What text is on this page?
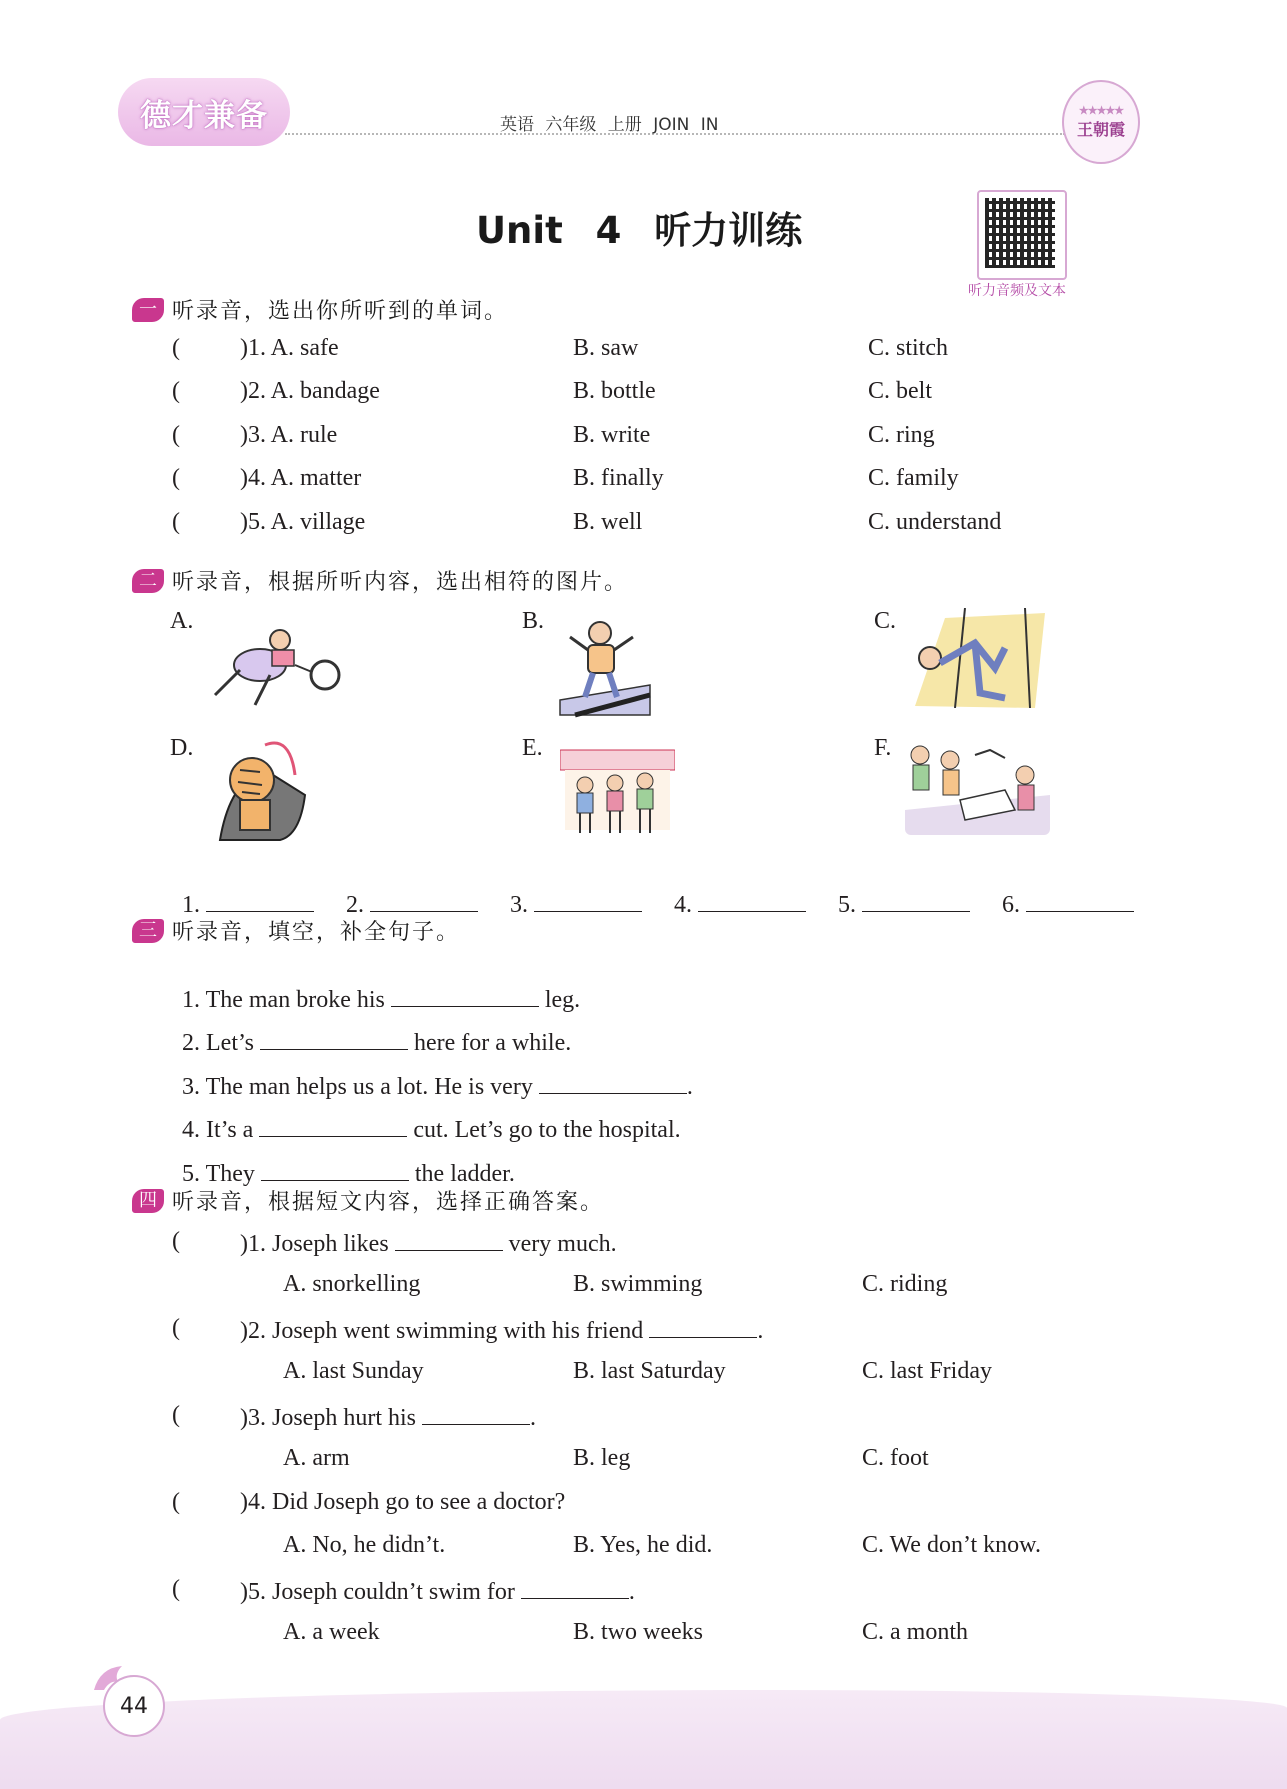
德才兼备	英语 六年级 上册 JOIN IN
★★★★★
王朝霞
Unit 4 听力训练
听力音频及文本
一 听录音，选出你所听到的单词。
(	)1. A. safe	B. saw	C. stitch
(	)2. A. bandage	B. bottle	C. belt
(	)3. A. rule	B. write	C. ring
(	)4. A. matter	B. finally	C. family
(	)5. A. village	B. well	C. understand
二 听录音，根据所听内容，选出相符的图片。
A.	B.	C.
D.	E.	F.

1.	2.	3.	4.	5.	6.

三 听录音，填空，补全句子。

1. The man broke his	leg.

2. Let’s	here for a while.

3. The man helps us a lot. He is very	.

4. It’s a	cut. Let’s go to the hospital.

5. They	the ladder.

四 听录音，根据短文内容，选择正确答案。
(	)1. Joseph likes	very much.
A. snorkelling	B. swimming	C. riding
(	)2. Joseph went swimming with his friend	.
A. last Sunday	B. last Saturday	C. last Friday
(	)3. Joseph hurt his	.
A. arm	B. leg	C. foot
(	)4. Did Joseph go to see a doctor?
A. No, he didn’t.	B. Yes, he did.	C. We don’t know.
(	)5. Joseph couldn’t swim for	.
A. a week	B. two weeks	C. a month
44
